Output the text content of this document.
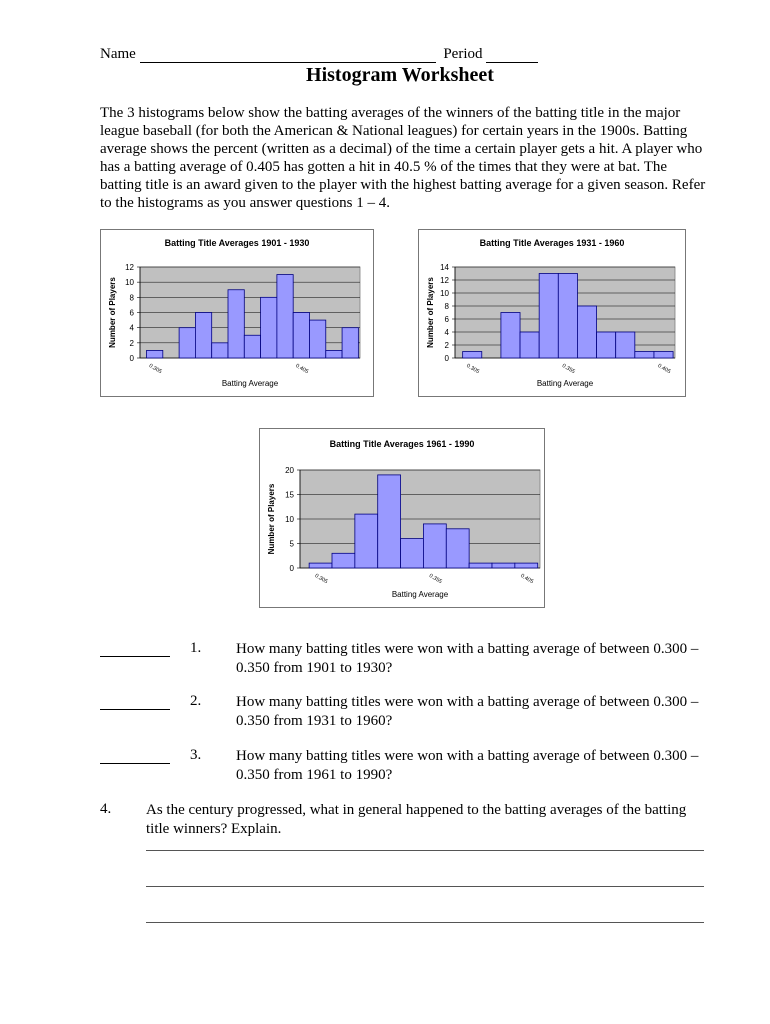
Name	Period
Histogram Worksheet
The 3 histograms below show the batting averages of the winners of the batting title in the major league baseball (for both the American & National leagues) for certain years in the 1900s. Batting average shows the percent (written as a decimal) of the time a certain player gets a hit. A player who has a batting average of 0.405 has gotten a hit in 40.5 % of the times that they were at bat. The batting title is an award given to the player with the highest batting average for a given season. Refer to the histograms as you answer questions 1 – 4.
Batting Title Averages 1901 - 1930
0
2
4
6
8
10
12
0.305	0.405
Batting Average
Number of Players
Batting Title Averages 1931 - 1960
0
2
4
6
8
10
12
14
0.305	0.355	0.405
Batting Average
Number of Players
Batting Title Averages 1961 - 1990
0
5
10
15
20
0.305	0.355	0.405
Batting Average
Number of Players
1. How many batting titles were won with a batting average of between 0.300 – 0.350 from 1901 to 1930?
2. How many batting titles were won with a batting average of between 0.300 – 0.350 from 1931 to 1960?
3. How many batting titles were won with a batting average of between 0.300 – 0.350 from 1961 to 1990?
4. As the century progressed, what in general happened to the batting averages of the batting title winners? Explain.
